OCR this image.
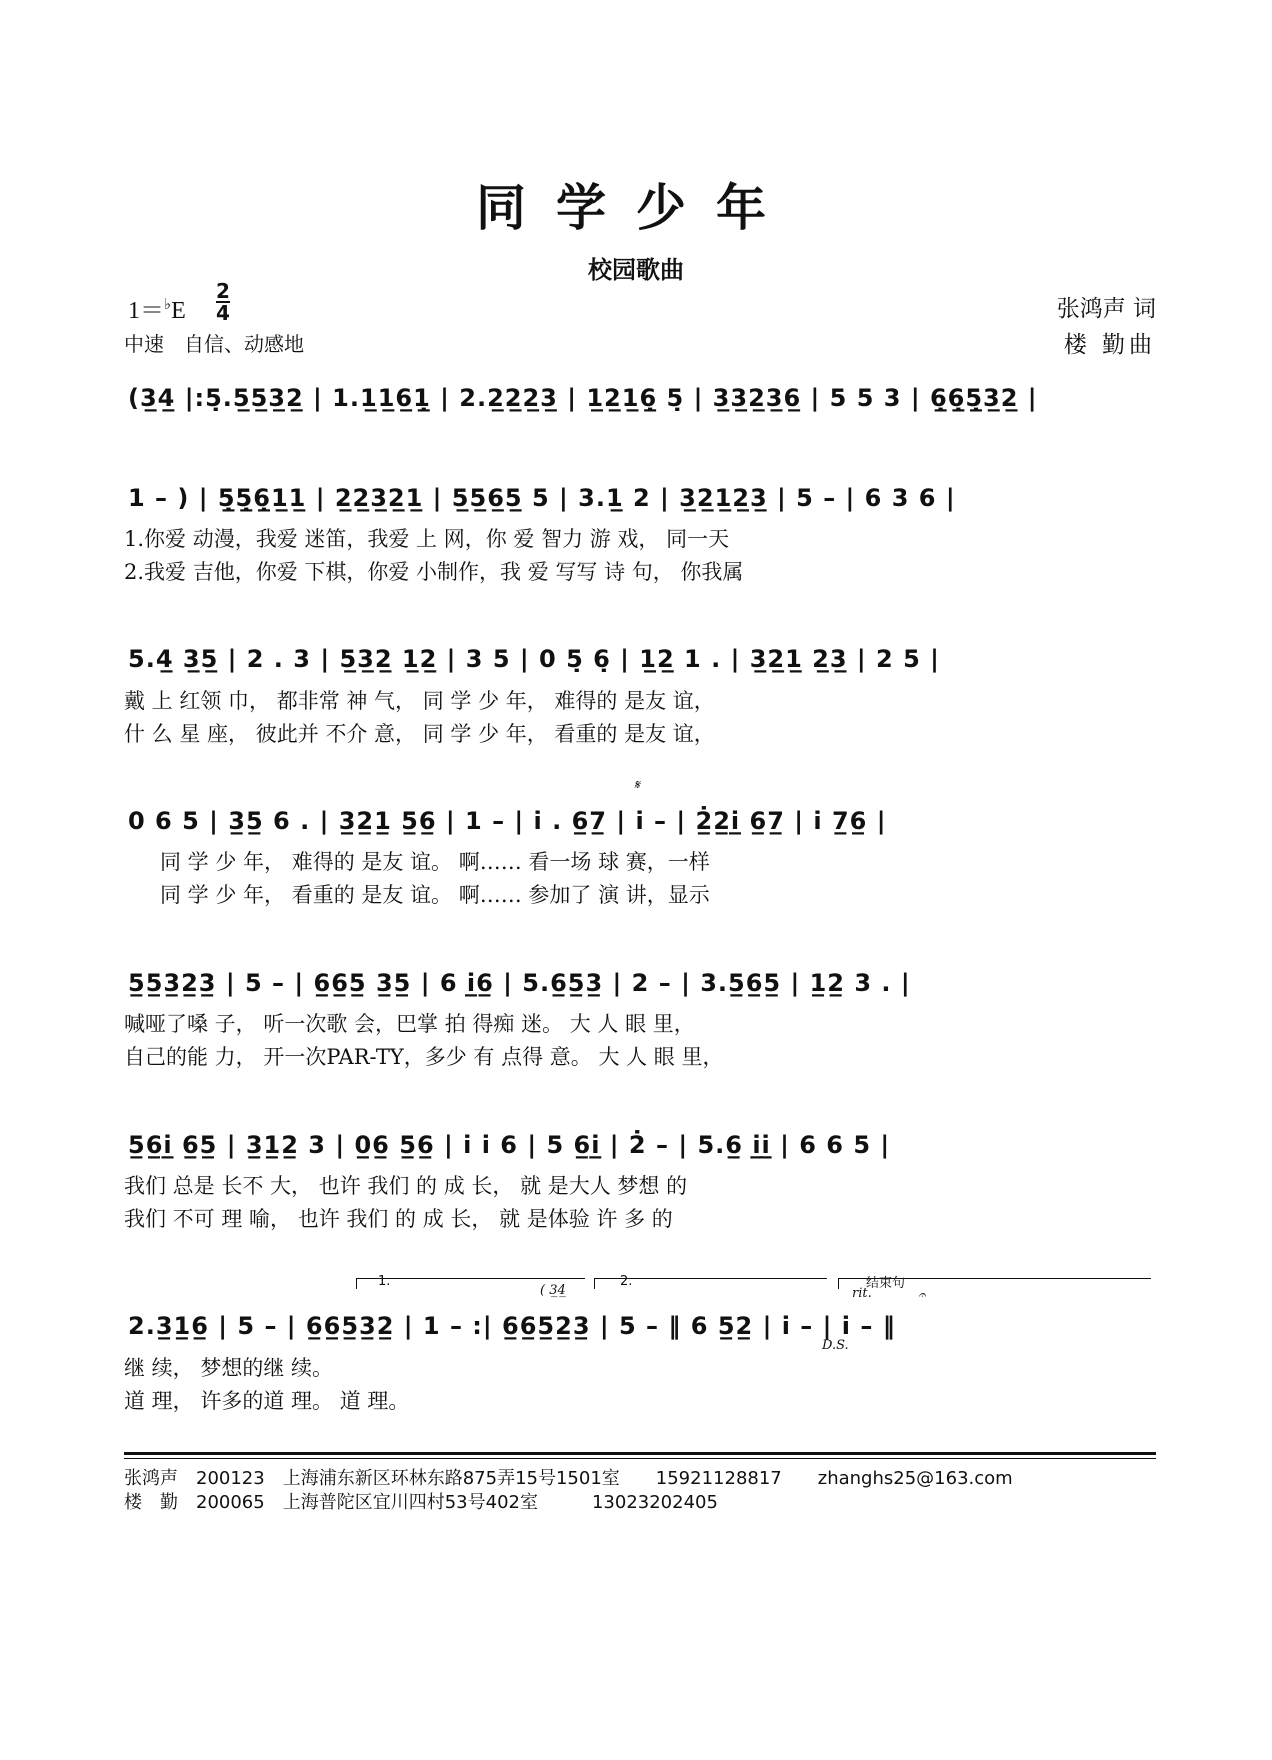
同学少年
校园歌曲
1＝♭E
2
4
中速　自信、动感地
张鸿声 词
楼 勤曲
(3̲4̲ |:5̣.5̲5̲3̲2̲ | 1.1̲1̲6̲1̣̲ | 2.2̲2̲2̲3̲ | 1̲2̲1̲6̣̲ 5̣ | 3̲3̲2̲3̲6̲ | 5 5 3 | 6̣̲6̣̲5̣̲3̲2̲ |
1 – ) | 5̣̲5̣̲6̣̲1̲1̲ | 2̲2̲3̲2̲1̲ | 5̲5̲6̲5̲ 5 | 3.1̲ 2 | 3̲2̲1̲2̲3̲ | 5 – | 6 3 6 |
1.你爱 动漫，我爱 迷笛，我爱 上 网，你 爱 智力 游 戏， 同一天
2.我爱 吉他，你爱 下棋，你爱 小制作，我 爱 写写 诗 句， 你我属
5.4̲ 3̲5̲ | 2 . 3 | 5̲3̲2̲ 1̲2̲ | 3 5 | 0 5̣ 6̣ | 1̲2̲ 1 . | 3̲2̲1̲ 2̲3̲ | 2 5 |
戴 上 红领 巾， 都非常 神 气， 同 学 少 年， 难得的 是友 谊，
什 么 星 座， 彼此并 不介 意， 同 学 少 年， 看重的 是友 谊，
𝄋
0 6 5 | 3̲5̲ 6 . | 3̲2̲1̲ 5̲6̲ | 1 – | i . 6̲7̲ | i – | 2̲̇2̲i̲ 6̲7̲ | i 7̲6̲ |
同 学 少 年， 难得的 是友 谊。 啊…… 看一场 球 赛，一样
同 学 少 年， 看重的 是友 谊。 啊…… 参加了 演 讲，显示
5̲5̲3̲2̲3̲ | 5 – | 6̲6̲5̲ 3̲5̲ | 6 i̲6̲ | 5.6̲5̲3̲ | 2 – | 3.5̲6̲5̲ | 1̲2̲ 3 . |
喊哑了嗓 子， 听一次歌 会，巴掌 拍 得痴 迷。 大 人 眼 里，
自己的能 力， 开一次PAR-TY，多少 有 点得 意。 大 人 眼 里，
5̲6̲i̲ 6̲5̲ | 3̲1̲2̲ 3 | 0̲6̲ 5̲6̲ | i i 6 | 5 6̲i̲ | 2̇ – | 5.6̲ i̲i̲ | 6 6 5 |
我们 总是 长不 大， 也许 我们 的 成 长， 就 是大人 梦想 的
我们 不可 理 喻， 也许 我们 的 成 长， 就 是体验 许 多 的
1.
( 3̲4̲
2.	结束句
rit.	𝄐
2.3̲1̲6̲ | 5 – | 6̲6̲5̲3̲2̲ | 1 – :| 6̲6̲5̲2̲3̲ | 5 – ‖ 6 5̲2̲ | i – | i – ‖
D.S.
继 续， 梦想的继 续。
道 理， 许多的道 理。 道 理。
张鸿声　200123　上海浦东新区环林东路875弄15号1501室　　15921128817　　zhanghs25@163.com
楼　勤　200065　上海普陀区宜川四村53号402室　　　13023202405
